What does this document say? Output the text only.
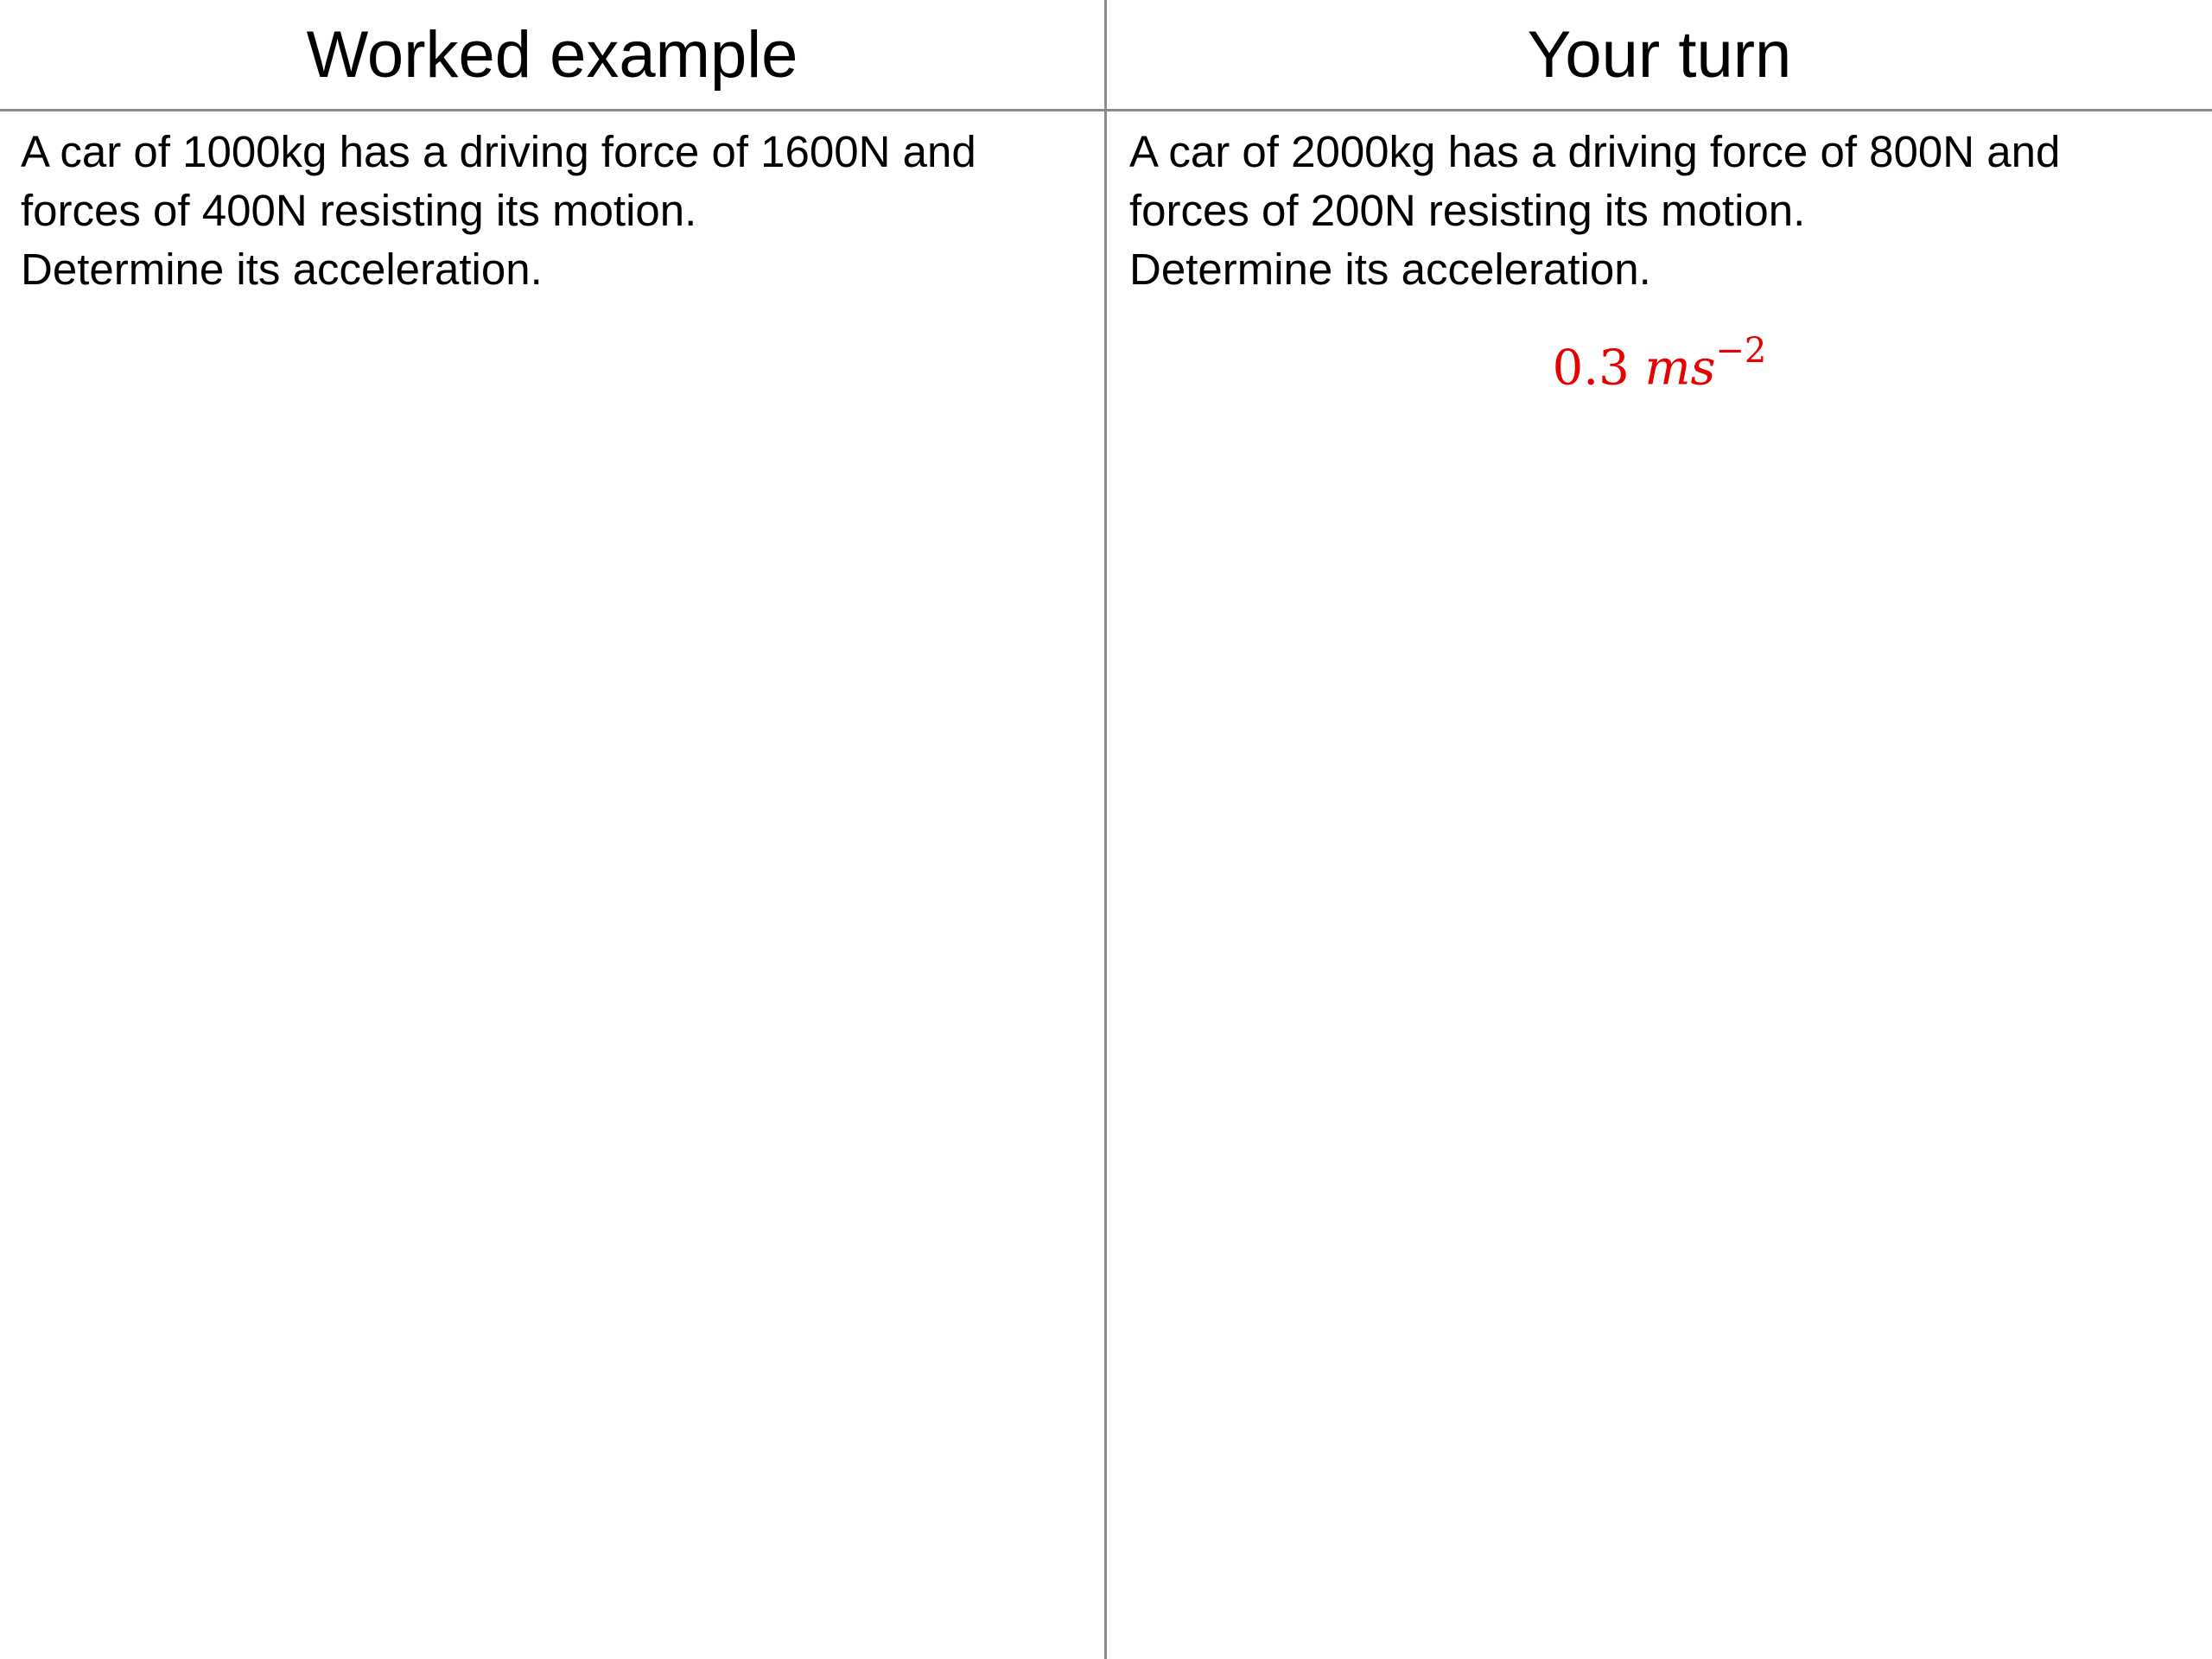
Worked example	Your turn
A car of 1000kg has a driving force of 1600N and
forces of 400N resisting its motion.
Determine its acceleration.
A car of 2000kg has a driving force of 800N and
forces of 200N resisting its motion.
Determine its acceleration.
0.3 $ms^{-2}$
